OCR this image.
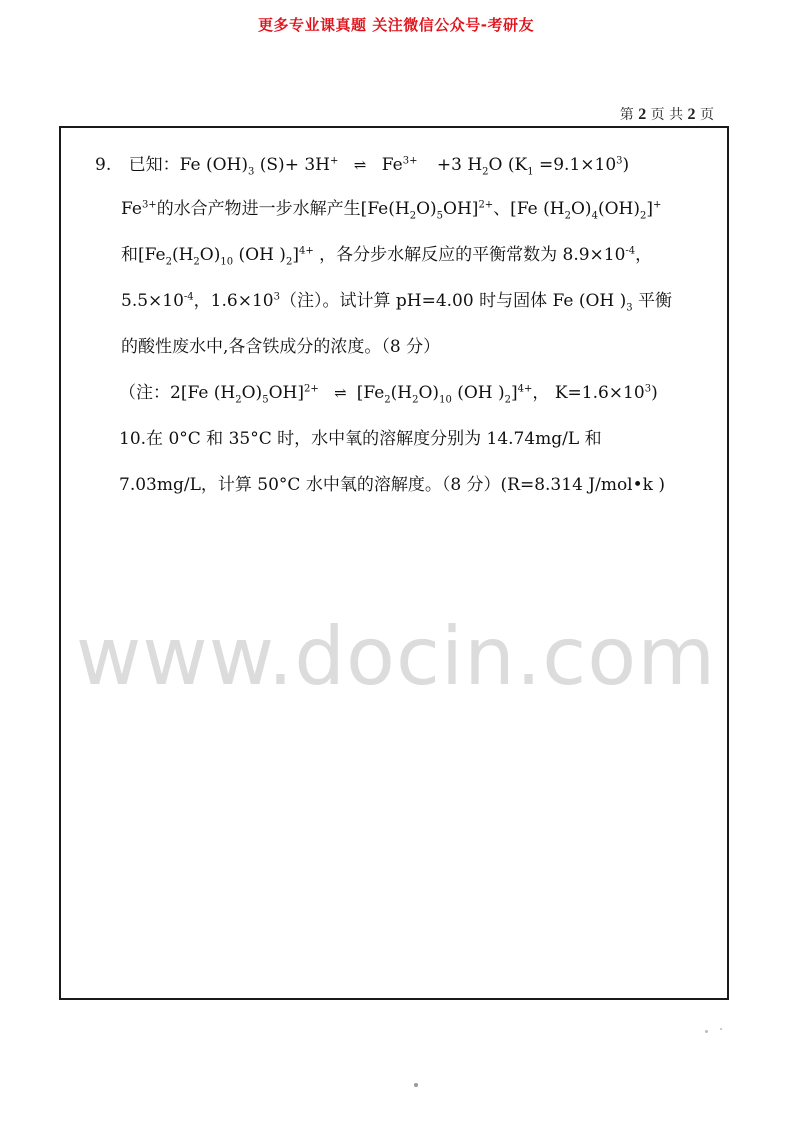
更多专业课真题 关注微信公众号-考研友
第 2 页 共 2 页
9. 已知：Fe $(OH)_3$ (S)+ 3H+ ⇌ $Fe^{3+} +3$ $H_2O$ $(K_1 =9.1\times 10^3)$
$Fe^{3+}$的水合产物进一步水解产生$[Fe(H_2O)_5OH]^{2+}$、[Fe $(H_2O)_4(OH)_2]^+$
和[$Fe_2(H_2O)_{10}$ (OH )$_2]^{4+}$ ，各分步水解反应的平衡常数为 $8.9\times 10^{-4}$，
$5.5\times 10^{-4}$，$1.6\times 10^3$（注）。试计算 pH=4.00 时与固体 Fe (OH )$_3$ 平衡
的酸性废水中,各含铁成分的浓度。（8 分）
（注：2[Fe $(H_2O)_5OH]^{2+}$ ⇌ [$Fe_2(H_2O)_{10}$ (OH )$_2]^{4+}$， $K=1.6\times 10^3$)
10.在 0°C 和 35°C 时，水中氧的溶解度分别为 14.74mg/L 和
7.03mg/L，计算 50°C 水中氧的溶解度。（8 分）(R=8.314 J/mol•k )
www.docin.com
